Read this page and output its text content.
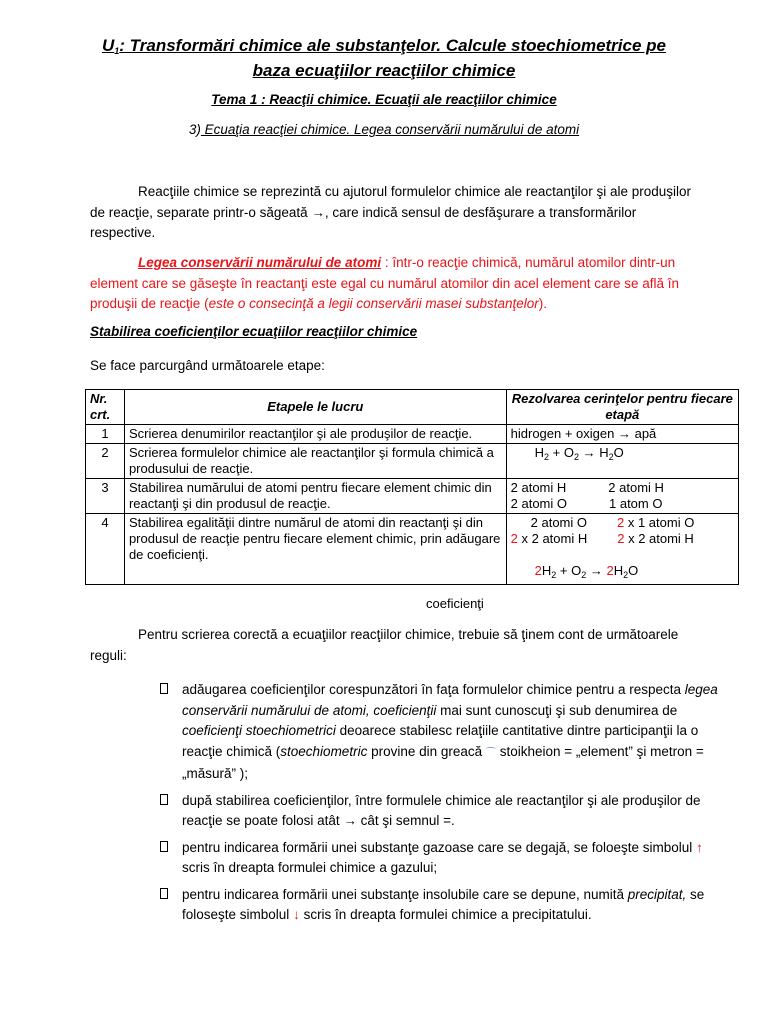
$U_1$: Transformări chimice ale substanţelor. Calcule stoechiometrice pe
baza ecuaţiilor reacţiilor chimice
Tema 1 : Reacţii chimice. Ecuaţii ale reacţiilor chimice
3) Ecuaţia reacţiei chimice. Legea conservării numărului de atomi
Reacţiile chimice se reprezintă cu ajutorul formulelor chimice ale reactanţilor şi ale produşilor de reacţie, separate printr-o săgeată →, care indică sensul de desfăşurare a transformărilor respective.
Legea conservării numărului de atomi : într-o reacţie chimică, numărul atomilor dintr-un element care se găseşte în reactanţi este egal cu numărul atomilor din acel element care se află în produşii de reacţie (este o consecinţă a legii conservării masei substanţelor).
Stabilirea coeficienţilor ecuaţiilor reacţiilor chimice
Se face parcurgând următoarele etape:
Nr. crt.	Etapele le lucru	Rezolvarea cerinţelor pentru fiecare etapă
1	Scrierea denumirilor reactanţilor şi ale produşilor de reacţie.	hidrogen + oxigen → apă
2	Scrierea formulelor chimice ale reactanţilor şi formula chimică a produsului de reacţie.	$H_2 + O_2 \to H_2O$
3	Stabilirea numărului de atomi pentru fiecare element chimic din reactanţi şi din produsul de reacţie.	2 atomi H 2 atomi H
2 atomi O 1 atom O
4	Stabilirea egalităţii dintre numărul de atomi din reactanţi şi din produsul de reacţie pentru fiecare element chimic, prin adăugare de coeficienţi.	2 atomi O 2 x 1 atomi O
2 x 2 atomi H 2 x 2 atomi H

$2H_2 + O_2 \to 2H_2O$
coeficienţi
Pentru scrierea corectă a ecuaţiilor reacţiilor chimice, trebuie să ţinem cont de următoarele reguli:
adăugarea coeficienţilor corespunzători în faţa formulelor chimice pentru a respecta legea conservării numărului de atomi, coeficienţii mai sunt cunoscuţi şi sub denumirea de coeficienţi stoechiometrici deoarece stabilesc relaţiile cantitative dintre participanţii la o reacţie chimică (stoechiometric provine din greacă ⌒ stoikheion = „element” şi metron = „măsură” );
după stabilirea coeficienţilor, între formulele chimice ale reactanţilor şi ale produşilor de reacţie se poate folosi atât → cât şi semnul =.
pentru indicarea formării unei substanţe gazoase care se degajă, se foloeşte simbolul ↑ scris în dreapta formulei chimice a gazului;
pentru indicarea formării unei substanţe insolubile care se depune, numită precipitat, se foloseşte simbolul ↓ scris în dreapta formulei chimice a precipitatului.
